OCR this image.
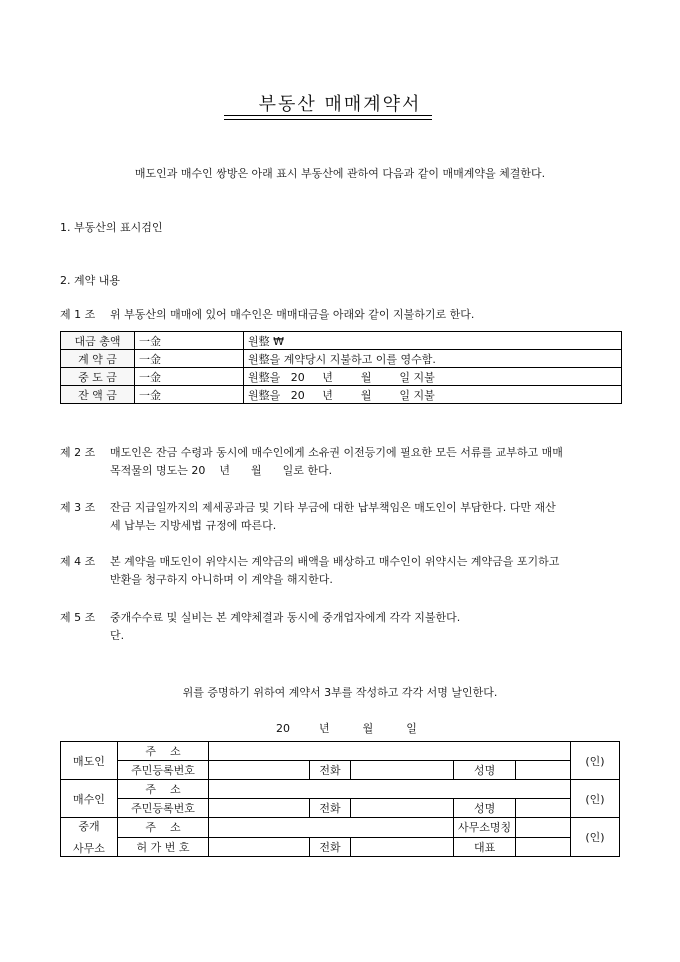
부동산 매매계약서
매도인과 매수인 쌍방은 아래 표시 부동산에 관하여 다음과 같이 매매계약을 체결한다.
1. 부동산의 표시검인
2. 계약 내용
제 1 조 위 부동산의 매매에 있어 매수인은 매매대금을 아래와 같이 지불하기로 한다.
대금 총액	一金	원整 ₩
계 약 금	一金	원整을 계약당시 지불하고 이를 영수함.
중 도 금	一金	원整을   20     년        월        일 지불
잔 액 금	一金	원整을   20     년        월        일 지불
제 2 조 매도인은 잔금 수령과 동시에 매수인에게 소유권 이전등기에 필요한 모든 서류를 교부하고 매매
목적물의 명도는 20    년      월      일로 한다.
제 3 조 잔금 지급일까지의 제세공과금 및 기타 부금에 대한 납부책임은 매도인이 부담한다. 다만 재산
세 납부는 지방세법 규정에 따른다.
제 4 조 본 계약을 매도인이 위약시는 계약금의 배액을 배상하고 매수인이 위약시는 계약금을 포기하고
반환을 청구하지 아니하며 이 계약을 해지한다.
제 5 조 중개수수료 및 실비는 본 계약체결과 동시에 중개업자에게 각각 지불한다.
단.
위를 증명하기 위하여 계약서 3부를 작성하고 각각 서명 날인한다.
20	년	월	일
매도인	주    소						(인)
	주민등록번호		전화		성명		
매수인	주    소						(인)
	주민등록번호		전화		성명		

중개
사무소	주    소				사무소명칭		(인)
	허 가 번 호		전화		대표		
